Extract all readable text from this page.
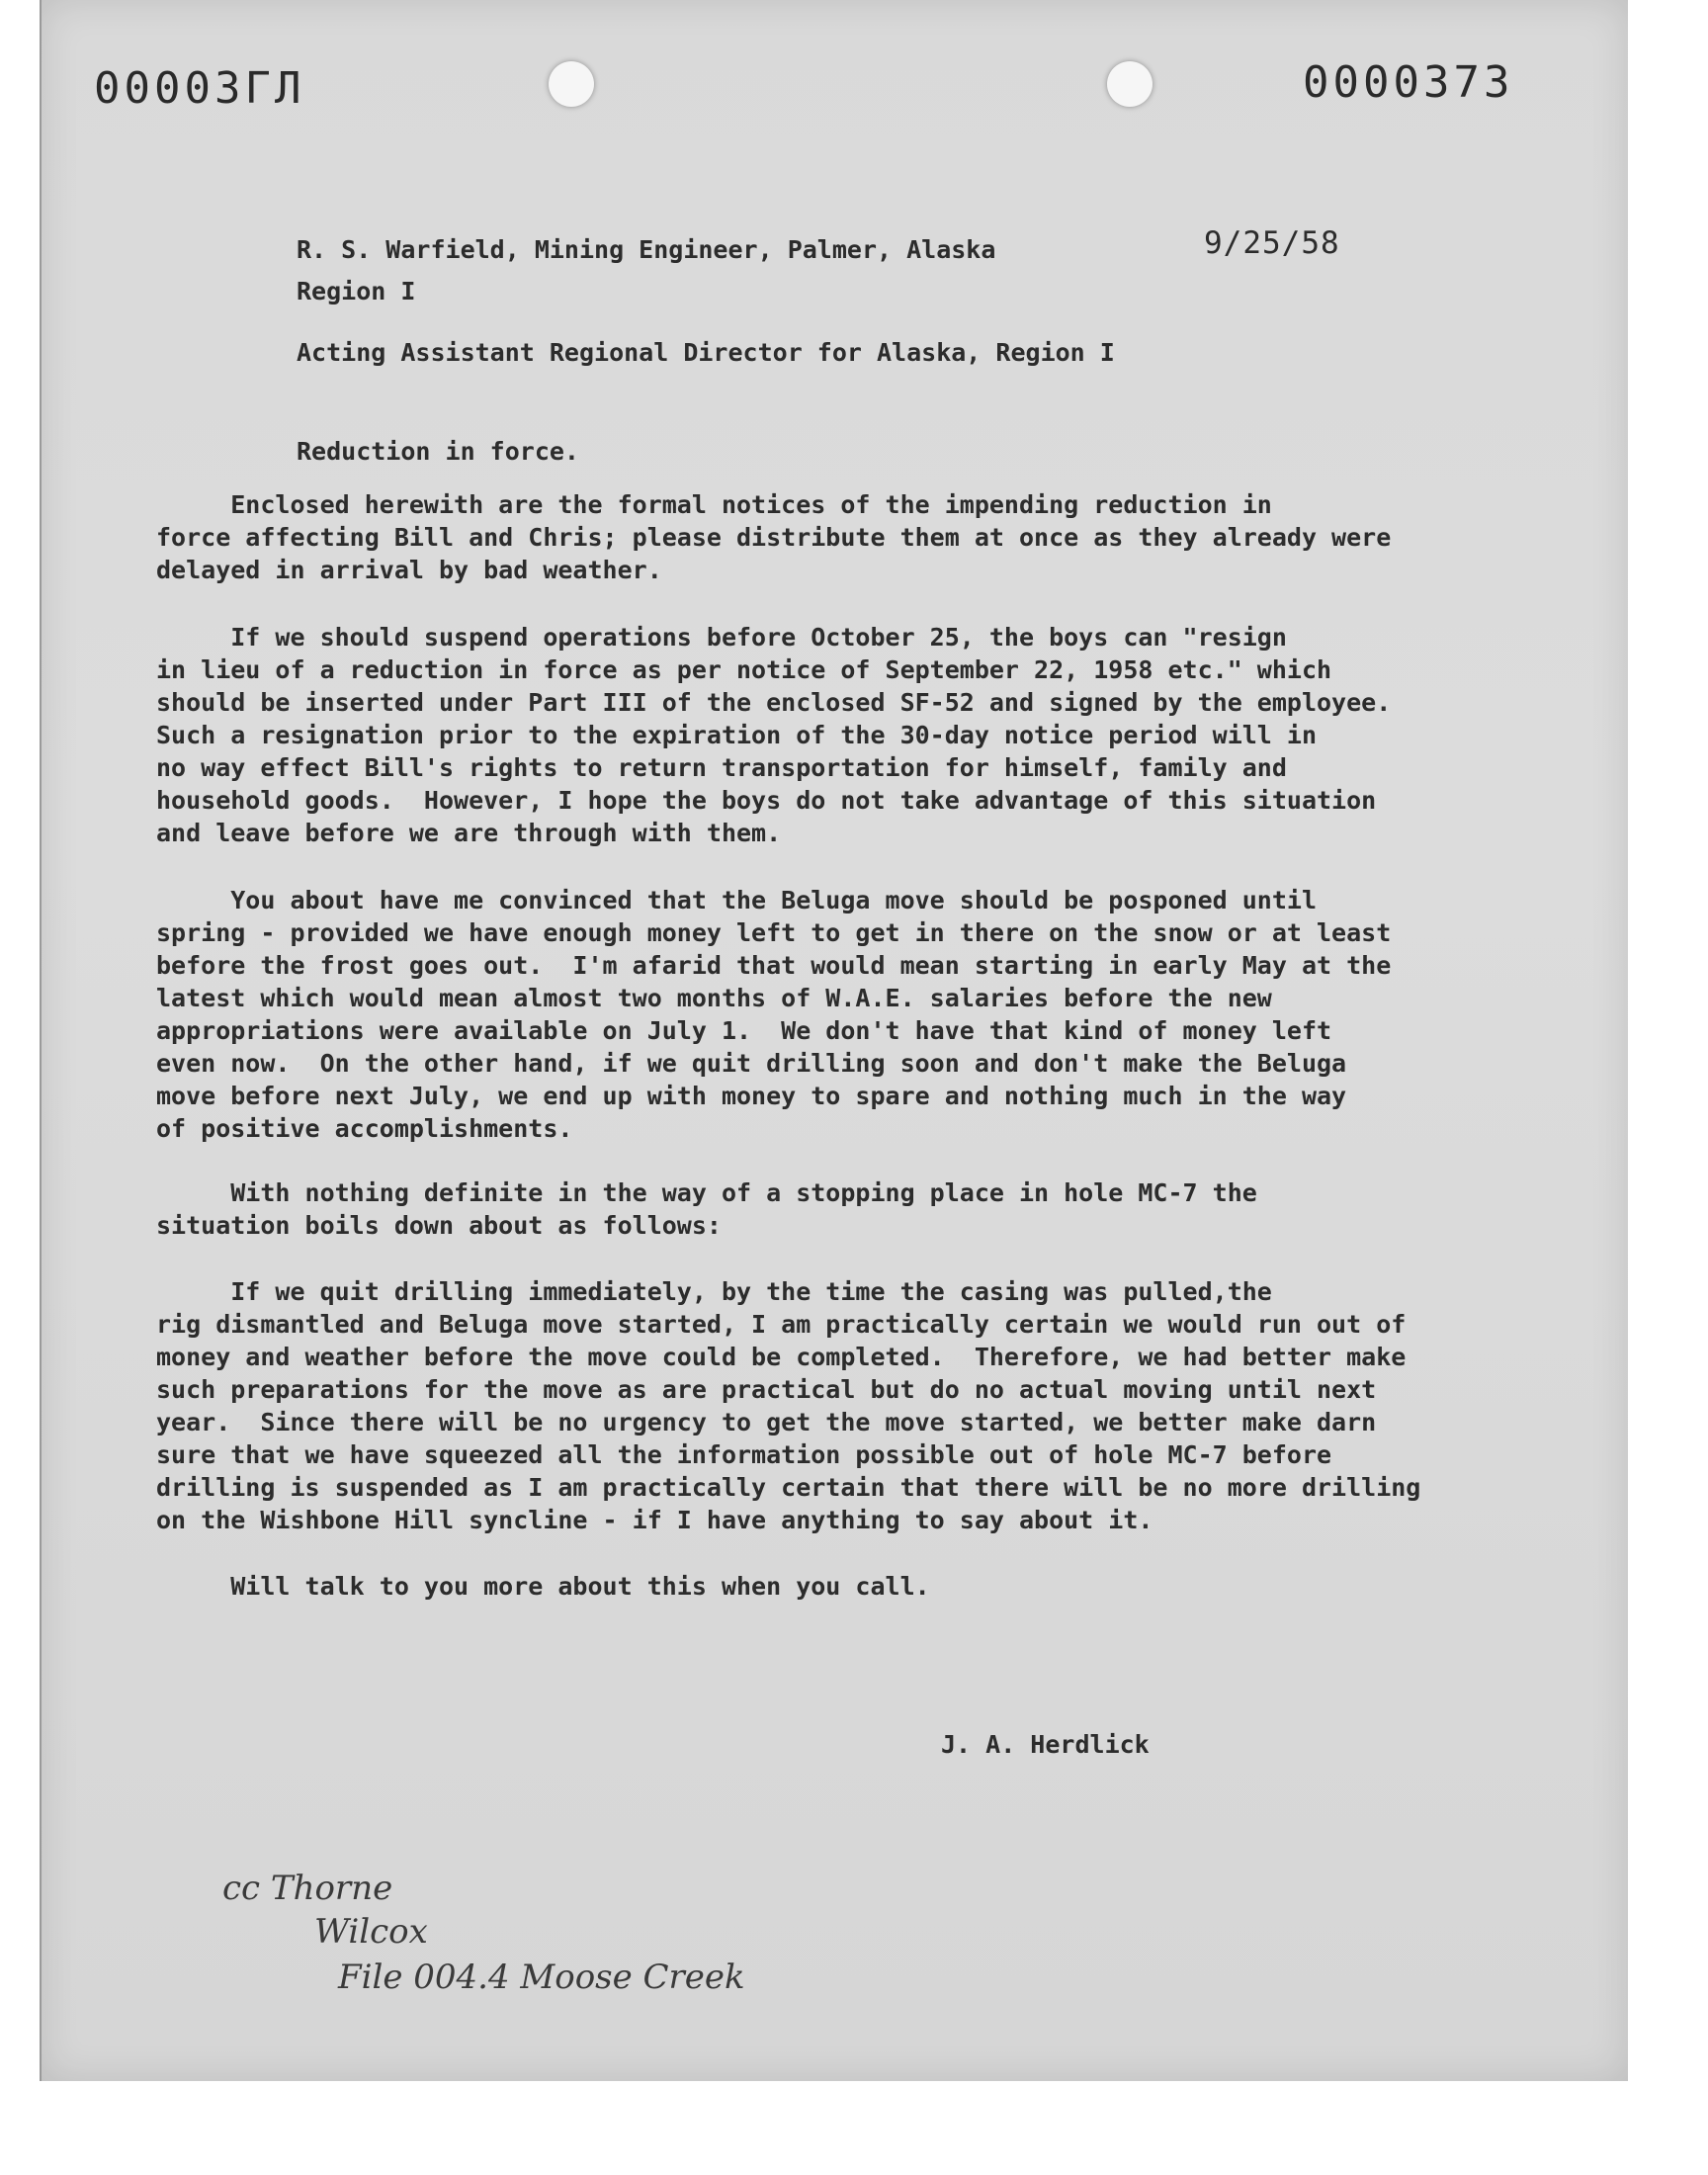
00003ГЛ	0000373
R. S. Warfield, Mining Engineer, Palmer, Alaska	9/25/58
Region I
Acting Assistant Regional Director for Alaska, Region I
Reduction in force.
Enclosed herewith are the formal notices of the impending reduction in
force affecting Bill and Chris; please distribute them at once as they already were
delayed in arrival by bad weather.
If we should suspend operations before October 25, the boys can "resign
in lieu of a reduction in force as per notice of September 22, 1958 etc." which
should be inserted under Part III of the enclosed SF-52 and signed by the employee.
Such a resignation prior to the expiration of the 30-day notice period will in
no way effect Bill's rights to return transportation for himself, family and
household goods.  However, I hope the boys do not take advantage of this situation
and leave before we are through with them.
You about have me convinced that the Beluga move should be posponed until
spring - provided we have enough money left to get in there on the snow or at least
before the frost goes out.  I'm afarid that would mean starting in early May at the
latest which would mean almost two months of W.A.E. salaries before the new
appropriations were available on July 1.  We don't have that kind of money left
even now.  On the other hand, if we quit drilling soon and don't make the Beluga
move before next July, we end up with money to spare and nothing much in the way
of positive accomplishments.
With nothing definite in the way of a stopping place in hole MC-7 the
situation boils down about as follows:
If we quit drilling immediately, by the time the casing was pulled,the
rig dismantled and Beluga move started, I am practically certain we would run out of
money and weather before the move could be completed.  Therefore, we had better make
such preparations for the move as are practical but do no actual moving until next
year.  Since there will be no urgency to get the move started, we better make darn
sure that we have squeezed all the information possible out of hole MC-7 before
drilling is suspended as I am practically certain that there will be no more drilling
on the Wishbone Hill syncline - if I have anything to say about it.
Will talk to you more about this when you call.
J. A. Herdlick
cc Thorne
Wilcox
File 004.4 Moose Creek
